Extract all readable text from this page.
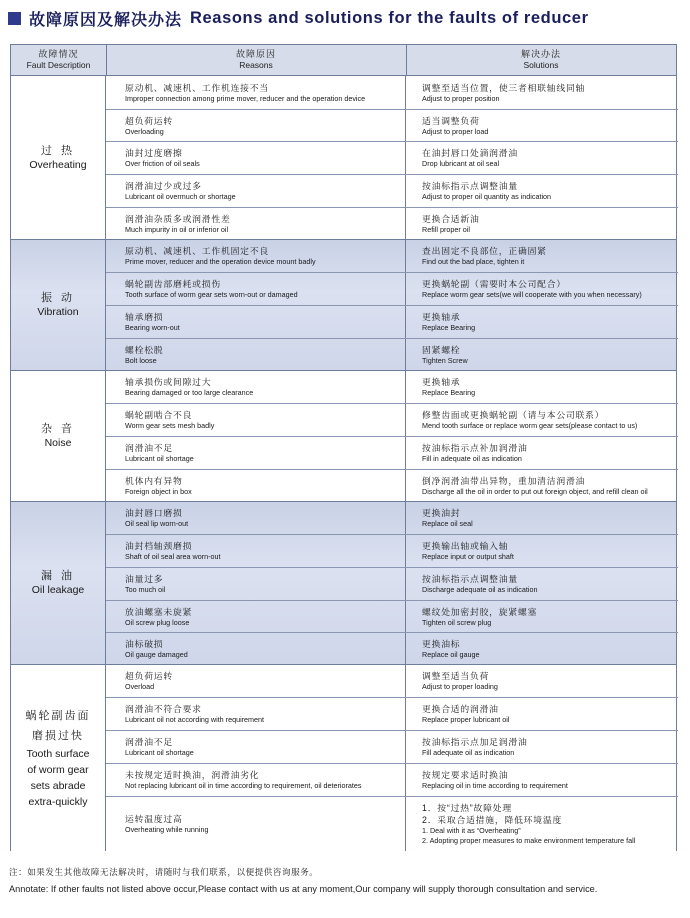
故障原因及解决办法 Reasons and solutions for the faults of reducer
故障情况
Fault Description
故障原因
Reasons
解决办法
Solutions
过 热
Overheating
原动机、减速机、工作机连接不当
Improper connection among prime mover, reducer and the operation device
调整至适当位置，使三者相联轴线同轴
Adjust to proper position
超负荷运转
Overloading
适当调整负荷
Adjust to proper load
油封过度磨擦
Over friction of oil seals
在油封唇口处滴润滑油
Drop lubricant at oil seal
润滑油过少或过多
Lubricant oil overmuch or shortage
按油标指示点调整油量
Adjust to proper oil quantity as indication
润滑油杂质多或润滑性差
Much impurity in oil or inferior oil
更换合适新油
Refill proper oil
振 动
Vibration
原动机、减速机、工作机固定不良
Prime mover, reducer and the operation device mount badly
查出固定不良部位，正确固紧
Find out the bad place, tighten it
蜗轮副齿部磨耗或损伤
Tooth surface of worm gear sets worn-out or damaged
更换蜗轮副（需要时本公司配合）
Replace worm gear sets(we will cooperate with you when necessary)
轴承磨损
Bearing worn-out
更换轴承
Replace Bearing
螺栓松脱
Bolt loose
固紧螺栓
Tighten Screw
杂 音
Noise
轴承损伤或间隙过大
Bearing damaged or too large clearance
更换轴承
Replace Bearing
蜗轮副啮合不良
Worm gear sets mesh badly
修整齿面或更换蜗轮副（请与本公司联系）
Mend tooth surface or replace worm gear sets(please contact to us)
润滑油不足
Lubricant oil shortage
按油标指示点补加润滑油
Fill in adequate oil as indication
机体内有异物
Foreign object in box
倒净润滑油带出异物，重加清洁润滑油
Discharge all the oil in order to put out foreign object, and refill clean oil
漏 油
Oil leakage
油封唇口磨损
Oil seal lip worn-out
更换油封
Replace oil seal
油封档轴颈磨损
Shaft of oil seal area worn-out
更换输出轴或输入轴
Replace input or output shaft
油量过多
Too much oil
按油标指示点调整油量
Discharge adequate oil as indication
放油螺塞未旋紧
Oil screw plug loose
螺纹处加密封胶，旋紧螺塞
Tighten oil screw plug
油标破损
Oil gauge damaged
更换油标
Replace oil gauge
蜗轮副齿面
磨损过快
Tooth surface
of worm gear
sets abrade
extra-quickly
超负荷运转
Overload
调整至适当负荷
Adjust to proper loading
润滑油不符合要求
Lubricant oil not according with requirement
更换合适的润滑油
Replace proper lubricant oil
润滑油不足
Lubricant oil shortage
按油标指示点加足润滑油
Fill adequate oil as indication
未按规定适时换油，润滑油劣化
Not replacing lubricant oil in time according to requirement, oil deteriorates
按规定要求适时换油
Replacing oil in time according to requirement
运转温度过高
Overheating while running
1．按“过热”故障处理
2．采取合适措施，降低环境温度
1. Deal with it as “Overheating”
2. Adopting proper measures to make environment temperature fall
注：如果发生其他故障无法解决时，请随时与我们联系，以便提供咨询服务。
Annotate: If other faults not listed above occur,Please contact with us at any moment,Our company will supply thorough consultation and service.
